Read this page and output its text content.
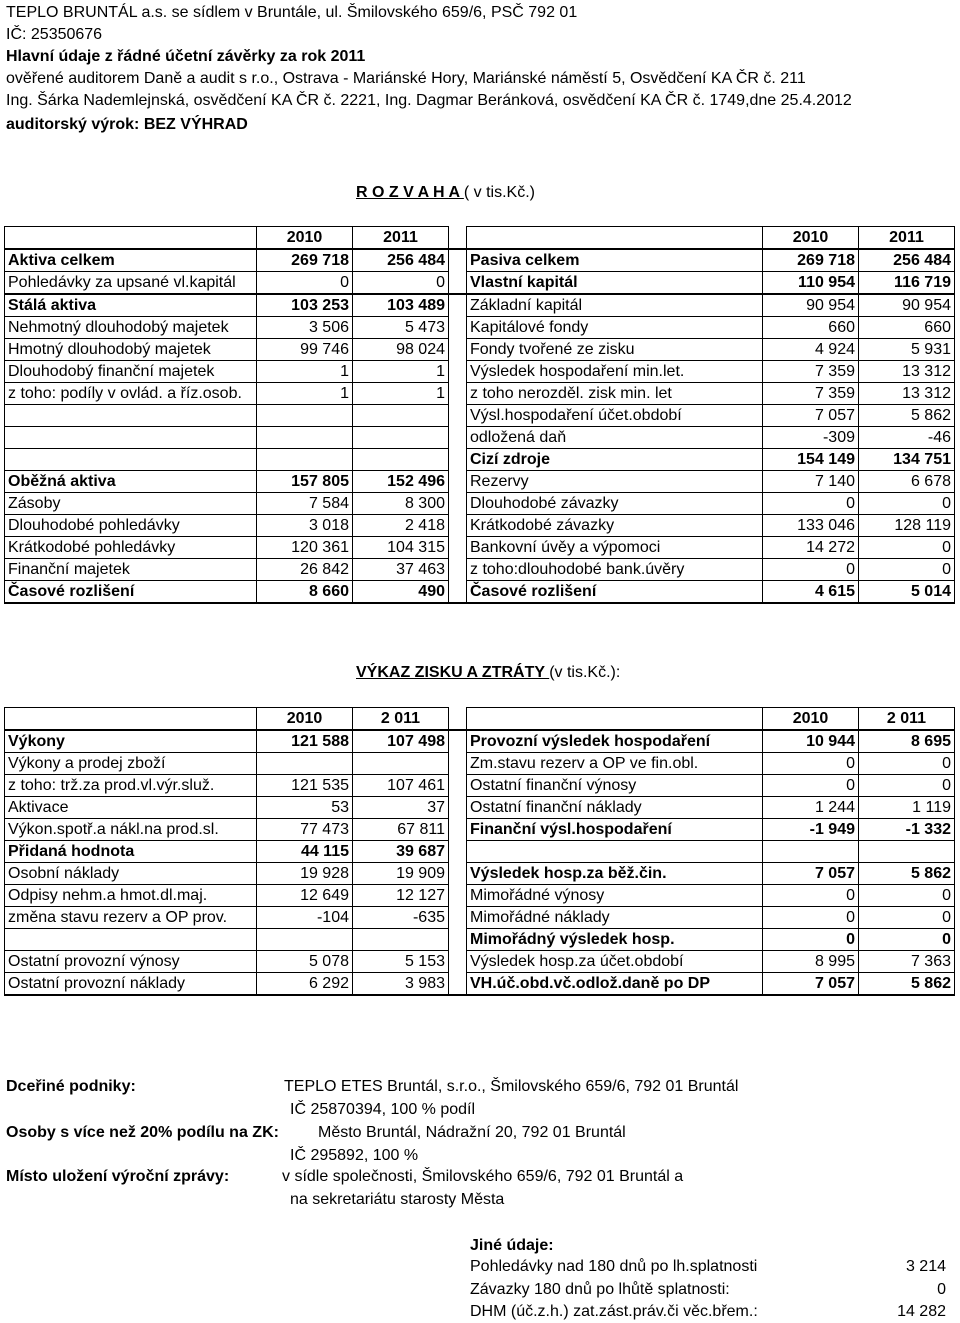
TEPLO BRUNTÁL a.s. se sídlem v Bruntále, ul. Šmilovského 659/6, PSČ 792 01
IČ: 25350676
Hlavní údaje z řádné účetní závěrky za rok 2011
ověřené auditorem Daně a audit s r.o., Ostrava - Mariánské Hory, Mariánské náměstí 5, Osvědčení KA ČR č. 211
Ing. Šárka Nademlejnská, osvědčení KA ČR č. 2221, Ing. Dagmar Beránková, osvědčení KA ČR č. 1749,dne 25.4.2012
auditorský výrok: BEZ VÝHRAD
R O Z V A H A ( v tis.Kč.)
	2010	2011			2010	2011
Aktiva celkem	269 718	256 484		Pasiva celkem	269 718	256 484
Pohledávky za upsané vl.kapitál	0	0		Vlastní kapitál	110 954	116 719
Stálá aktiva	103 253	103 489		Základní kapitál	90 954	90 954
Nehmotný dlouhodobý majetek	3 506	5 473		Kapitálové fondy	660	660
Hmotný dlouhodobý majetek	99 746	98 024		Fondy tvořené ze zisku	4 924	5 931
Dlouhodobý finanční majetek	1	1		Výsledek hospodaření min.let.	7 359	13 312
z toho: podíly v ovlád. a říz.osob.	1	1		z toho nerozděl. zisk min. let	7 359	13 312
				Výsl.hospodaření účet.období	7 057	5 862
				odložená daň	-309	-46
				Cizí zdroje	154 149	134 751
Oběžná aktiva	157 805	152 496		Rezervy	7 140	6 678
Zásoby	7 584	8 300		Dlouhodobé závazky	0	0
Dlouhodobé pohledávky	3 018	2 418		Krátkodobé závazky	133 046	128 119
Krátkodobé pohledávky	120 361	104 315		Bankovní úvěy a výpomoci	14 272	0
Finanční majetek	26 842	37 463		z toho:dlouhodobé bank.úvěry	0	0
Časové rozlišení	8 660	490		Časové rozlišení	4 615	5 014
VÝKAZ ZISKU A ZTRÁTY (v tis.Kč.):
	2010	2 011			2010	2 011
Výkony	121 588	107 498		Provozní výsledek hospodaření	10 944	8 695
Výkony a prodej zboží				Zm.stavu rezerv a OP ve fin.obl.	0	0
z toho: trž.za prod.vl.výr.služ.	121 535	107 461		Ostatní finanční výnosy	0	0
Aktivace	53	37		Ostatní finanční náklady	1 244	1 119
Výkon.spotř.a nákl.na prod.sl.	77 473	67 811		Finanční výsl.hospodaření	-1 949	-1 332
Přidaná hodnota	44 115	39 687				
Osobní náklady	19 928	19 909		Výsledek hosp.za běž.čin.	7 057	5 862
Odpisy nehm.a hmot.dl.maj.	12 649	12 127		Mimořádné výnosy	0	0
změna stavu rezerv a OP prov.	-104	-635		Mimořádné náklady	0	0
				Mimořádný výsledek hosp.	0	0
Ostatní provozní výnosy	5 078	5 153		Výsledek hosp.za účet.období	8 995	7 363
Ostatní provozní náklady	6 292	3 983		VH.úč.obd.vč.odlož.daně po DP	7 057	5 862
Dceřiné podniky:	TEPLO ETES Bruntál, s.r.o., Šmilovského 659/6, 792 01 Bruntál
IČ 25870394, 100 % podíl
Osoby s více než 20% podílu na ZK: Město Bruntál, Nádražní 20, 792 01 Bruntál
IČ 295892, 100 %
Místo uložení výroční zprávy:	v sídle společnosti, Šmilovského 659/6, 792 01 Bruntál a
na sekretariátu starosty Města
Jiné údaje:
Pohledávky nad 180 dnů po lh.splatnosti	3 214
Závazky 180 dnů po lhůtě splatnosti:	0
DHM (úč.z.h.) zat.zást.práv.či věc.břem.:	14 282
